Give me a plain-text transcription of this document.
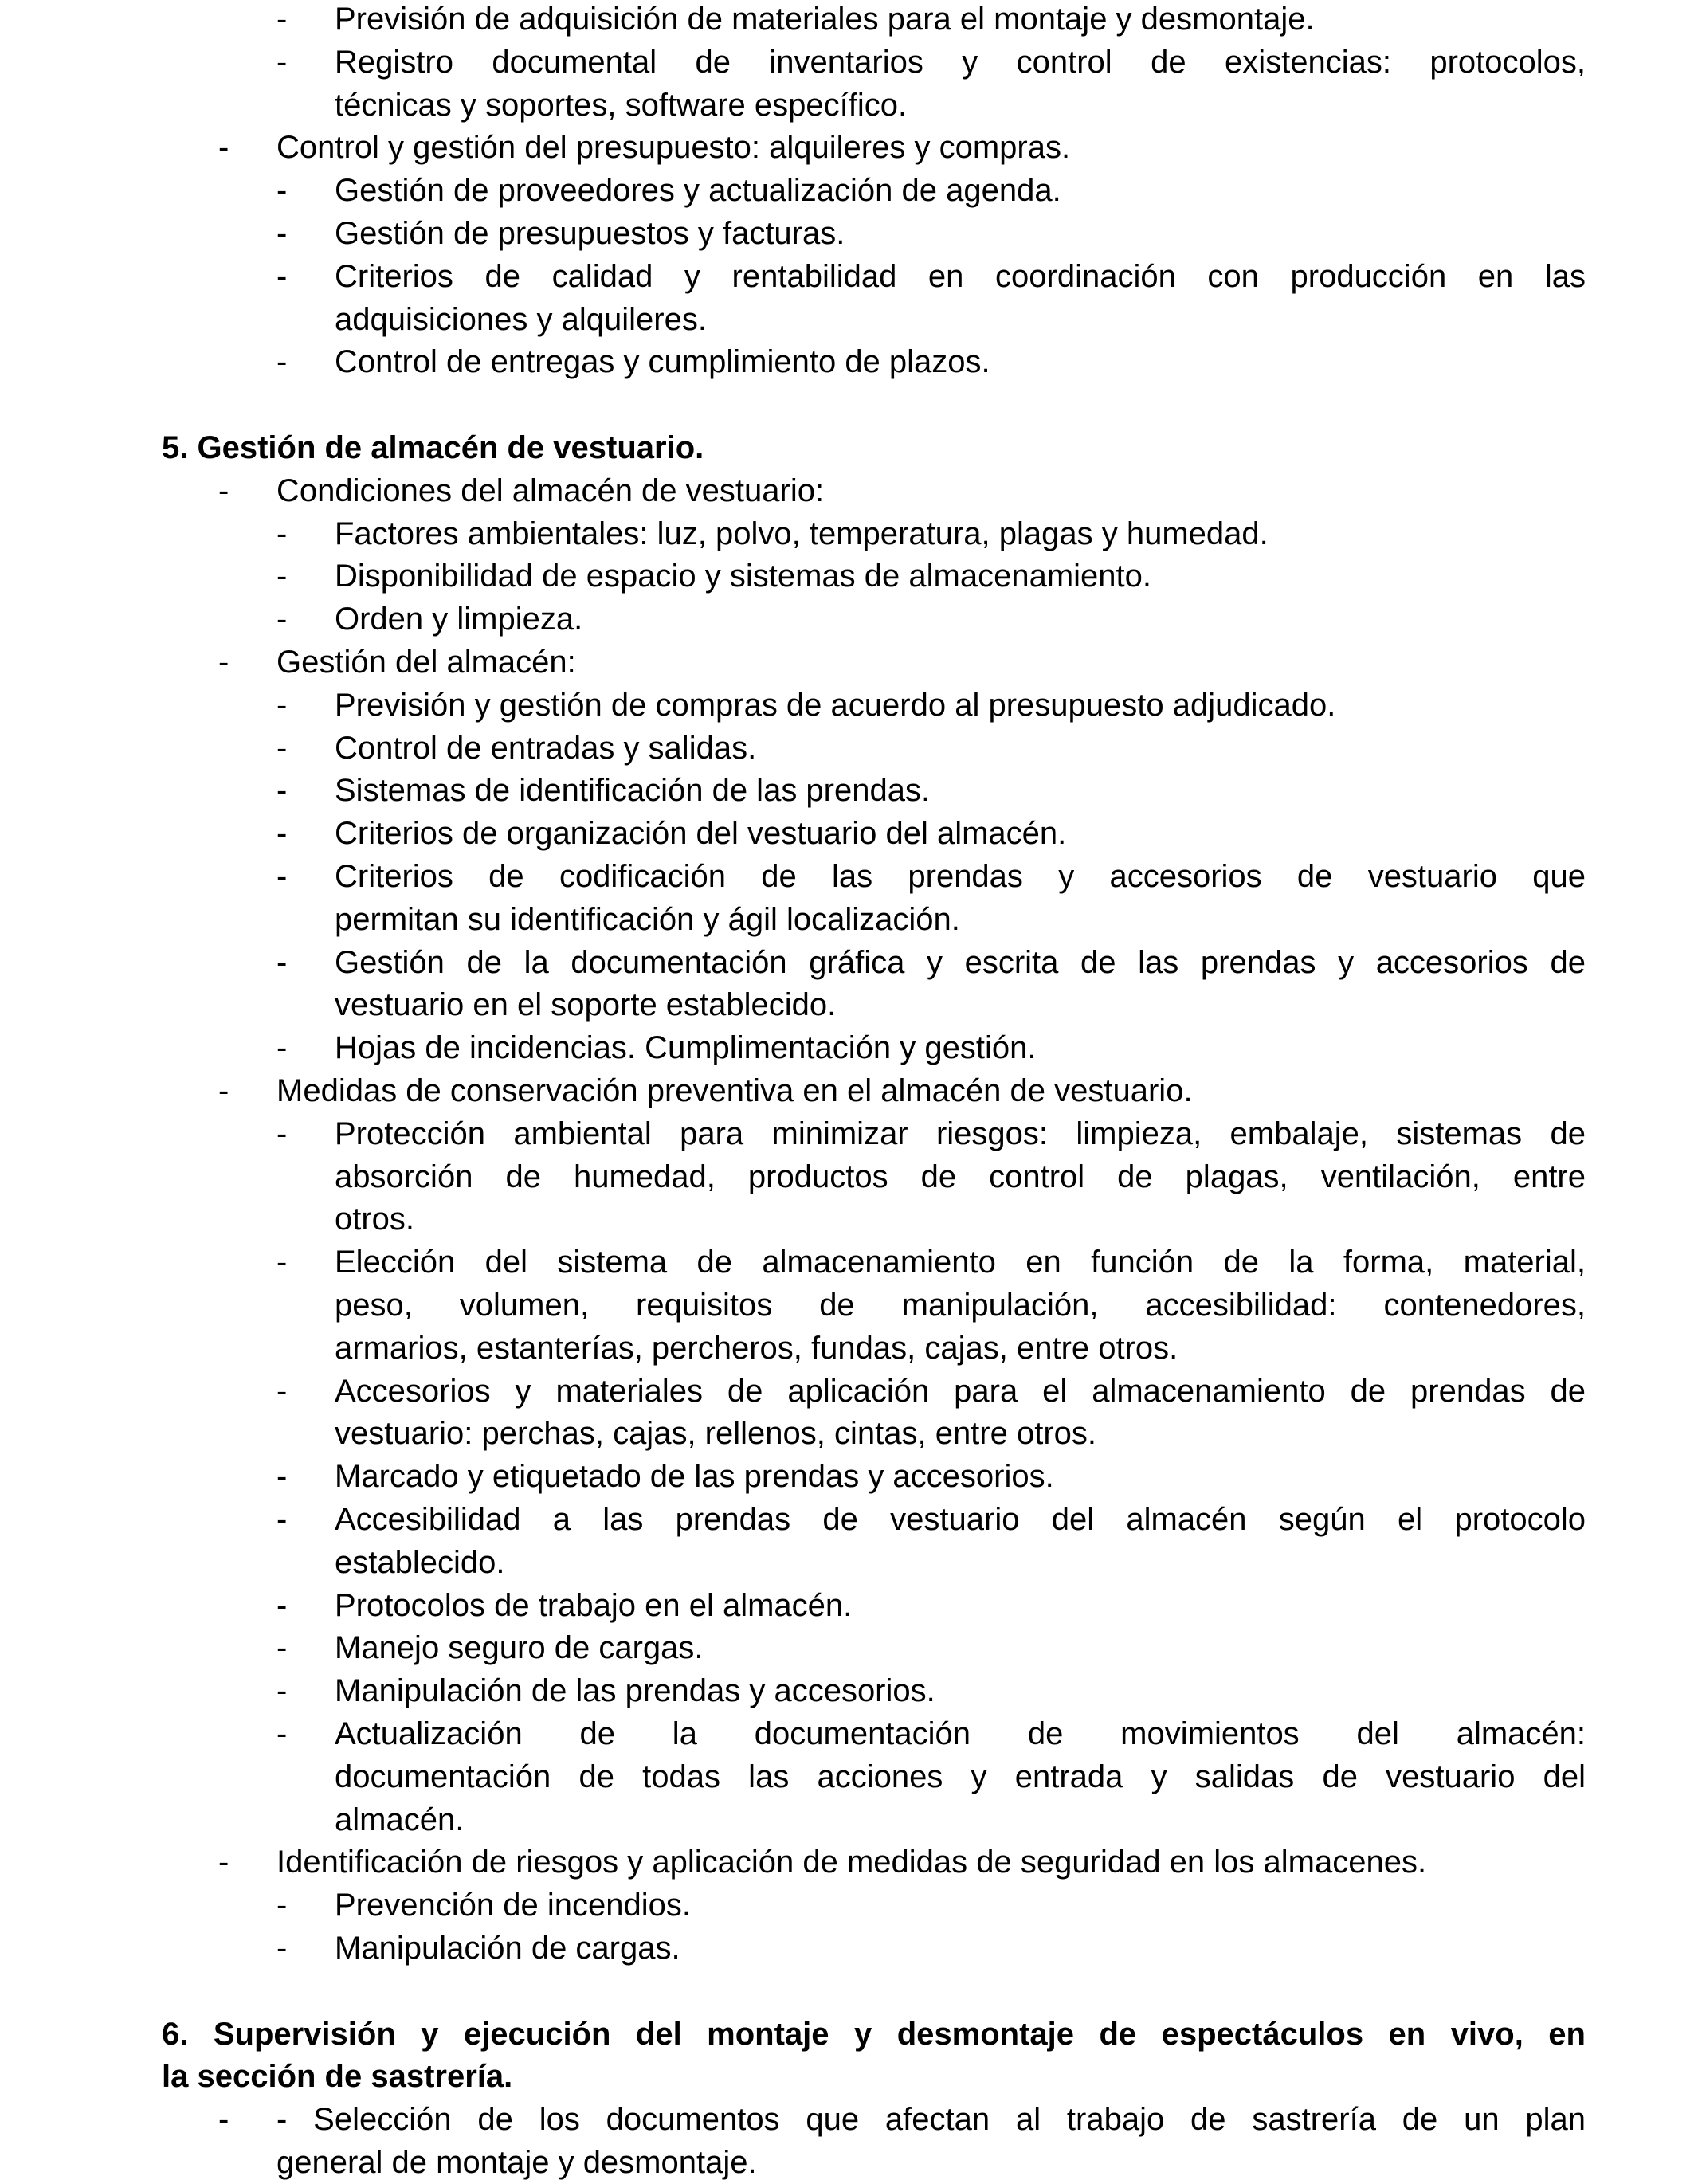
-	Previsión de adquisición de materiales para el montaje y desmontaje.
-	Registro documental de inventarios y control de existencias: protocolos,
técnicas y soportes, software específico.
-	Control y gestión del presupuesto: alquileres y compras.
-	Gestión de proveedores y actualización de agenda.
-	Gestión de presupuestos y facturas.
-	Criterios de calidad y rentabilidad en coordinación con producción en las
adquisiciones y alquileres.
-	Control de entregas y cumplimiento de plazos.
5. Gestión de almacén de vestuario.
-	Condiciones del almacén de vestuario:
-	Factores ambientales: luz, polvo, temperatura, plagas y humedad.
-	Disponibilidad de espacio y sistemas de almacenamiento.
-	Orden y limpieza.
-	Gestión del almacén:
-	Previsión y gestión de compras de acuerdo al presupuesto adjudicado.
-	Control de entradas y salidas.
-	Sistemas de identificación de las prendas.
-	Criterios de organización del vestuario del almacén.
-	Criterios de codificación de las prendas y accesorios de vestuario que
permitan su identificación y ágil localización.
-	Gestión de la documentación gráfica y escrita de las prendas y accesorios de
vestuario en el soporte establecido.
-	Hojas de incidencias. Cumplimentación y gestión.
-	Medidas de conservación preventiva en el almacén de vestuario.
-	Protección ambiental para minimizar riesgos: limpieza, embalaje, sistemas de
absorción de humedad, productos de control de plagas, ventilación, entre
otros.
-	Elección del sistema de almacenamiento en función de la forma, material,
peso, volumen, requisitos de manipulación, accesibilidad: contenedores,
armarios, estanterías, percheros, fundas, cajas, entre otros.
-	Accesorios y materiales de aplicación para el almacenamiento de prendas de
vestuario: perchas, cajas, rellenos, cintas, entre otros.
-	Marcado y etiquetado de las prendas y accesorios.
-	Accesibilidad a las prendas de vestuario del almacén según el protocolo
establecido.
-	Protocolos de trabajo en el almacén.
-	Manejo seguro de cargas.
-	Manipulación de las prendas y accesorios.
-	Actualización de la documentación de movimientos del almacén:
documentación de todas las acciones y entrada y salidas de vestuario del
almacén.
-	Identificación de riesgos y aplicación de medidas de seguridad en los almacenes.
-	Prevención de incendios.
-	Manipulación de cargas.
6. Supervisión y ejecución del montaje y desmontaje de espectáculos en vivo, en
la sección de sastrería.
-	- Selección de los documentos que afectan al trabajo de sastrería de un plan
general de montaje y desmontaje.
